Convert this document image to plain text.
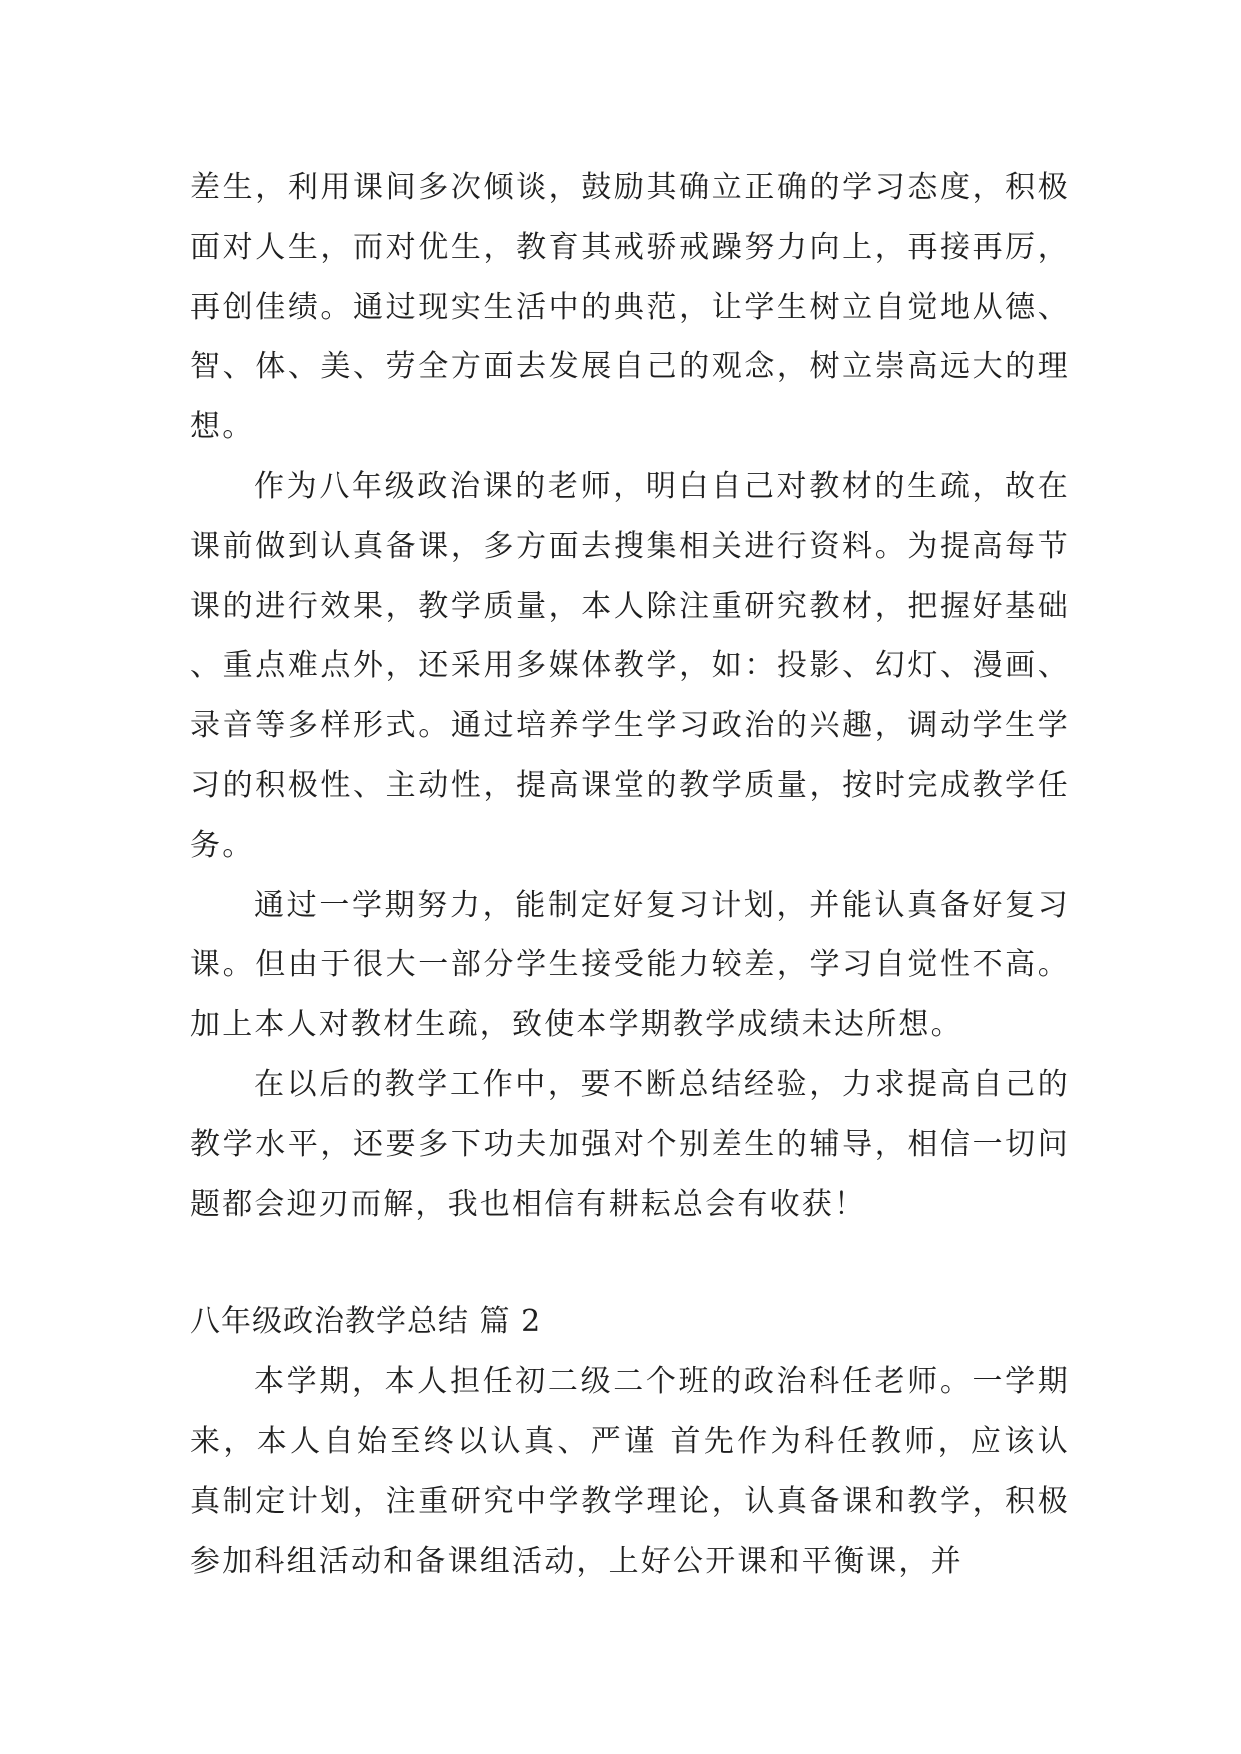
差生，利用课间多次倾谈，鼓励其确立正确的学习态度，积极面对人生，而对优生，教育其戒骄戒躁努力向上，再接再厉，再创佳绩。通过现实生活中的典范，让学生树立自觉地从德、智、体、美、劳全方面去发展自己的观念，树立崇高远大的理想。

作为八年级政治课的老师，明白自己对教材的生疏，故在课前做到认真备课，多方面去搜集相关进行资料。为提高每节课的进行效果，教学质量，本人除注重研究教材，把握好基础、重点难点外，还采用多媒体教学，如：投影、幻灯、漫画、录音等多样形式。通过培养学生学习政治的兴趣，调动学生学习的积极性、主动性，提高课堂的教学质量，按时完成教学任务。

通过一学期努力，能制定好复习计划，并能认真备好复习课。但由于很大一部分学生接受能力较差，学习自觉性不高。加上本人对教材生疏，致使本学期教学成绩未达所想。

在以后的教学工作中，要不断总结经验，力求提高自己的教学水平，还要多下功夫加强对个别差生的辅导，相信一切问题都会迎刃而解，我也相信有耕耘总会有收获！

八年级政治教学总结 篇 2

本学期，本人担任初二级二个班的政治科任老师。一学期来，本人自始至终以认真、严谨 首先作为科任教师，应该认真制定计划，注重研究中学教学理论，认真备课和教学，积极参加科组活动和备课组活动，上好公开课和平衡课，并
